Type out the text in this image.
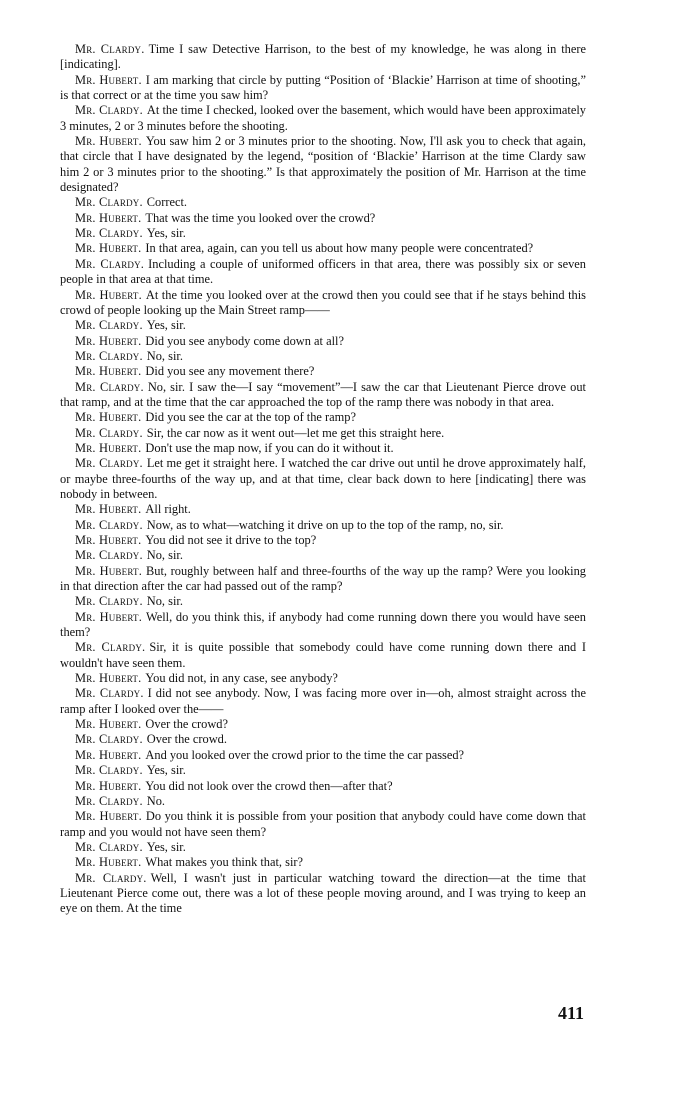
Mr. Clardy. Time I saw Detective Harrison, to the best of my knowledge, he was along in there [indicating].

Mr. Hubert. I am marking that circle by putting “Position of ‘Blackie’ Harrison at time of shooting,” is that correct or at the time you saw him?

Mr. Clardy. At the time I checked, looked over the basement, which would have been approximately 3 minutes, 2 or 3 minutes before the shooting.

Mr. Hubert. You saw him 2 or 3 minutes prior to the shooting. Now, I'll ask you to check that again, that circle that I have designated by the legend, “position of ‘Blackie’ Harrison at the time Clardy saw him 2 or 3 minutes prior to the shooting.” Is that approximately the position of Mr. Harrison at the time designated?

Mr. Clardy. Correct.

Mr. Hubert. That was the time you looked over the crowd?

Mr. Clardy. Yes, sir.

Mr. Hubert. In that area, again, can you tell us about how many people were concentrated?

Mr. Clardy. Including a couple of uniformed officers in that area, there was possibly six or seven people in that area at that time.

Mr. Hubert. At the time you looked over at the crowd then you could see that if he stays behind this crowd of people looking up the Main Street ramp——

Mr. Clardy. Yes, sir.

Mr. Hubert. Did you see anybody come down at all?

Mr. Clardy. No, sir.

Mr. Hubert. Did you see any movement there?

Mr. Clardy. No, sir. I saw the—I say “movement”—I saw the car that Lieutenant Pierce drove out that ramp, and at the time that the car approached the top of the ramp there was nobody in that area.

Mr. Hubert. Did you see the car at the top of the ramp?

Mr. Clardy. Sir, the car now as it went out—let me get this straight here.

Mr. Hubert. Don't use the map now, if you can do it without it.

Mr. Clardy. Let me get it straight here. I watched the car drive out until he drove approximately half, or maybe three-fourths of the way up, and at that time, clear back down to here [indicating] there was nobody in between.

Mr. Hubert. All right.

Mr. Clardy. Now, as to what—watching it drive on up to the top of the ramp, no, sir.

Mr. Hubert. You did not see it drive to the top?

Mr. Clardy. No, sir.

Mr. Hubert. But, roughly between half and three-fourths of the way up the ramp? Were you looking in that direction after the car had passed out of the ramp?

Mr. Clardy. No, sir.

Mr. Hubert. Well, do you think this, if anybody had come running down there you would have seen them?

Mr. Clardy. Sir, it is quite possible that somebody could have come running down there and I wouldn't have seen them.

Mr. Hubert. You did not, in any case, see anybody?

Mr. Clardy. I did not see anybody. Now, I was facing more over in—oh, almost straight across the ramp after I looked over the——

Mr. Hubert. Over the crowd?

Mr. Clardy. Over the crowd.

Mr. Hubert. And you looked over the crowd prior to the time the car passed?

Mr. Clardy. Yes, sir.

Mr. Hubert. You did not look over the crowd then—after that?

Mr. Clardy. No.

Mr. Hubert. Do you think it is possible from your position that anybody could have come down that ramp and you would not have seen them?

Mr. Clardy. Yes, sir.

Mr. Hubert. What makes you think that, sir?

Mr. Clardy. Well, I wasn't just in particular watching toward the direction—at the time that Lieutenant Pierce come out, there was a lot of these people moving around, and I was trying to keep an eye on them. At the time

411
